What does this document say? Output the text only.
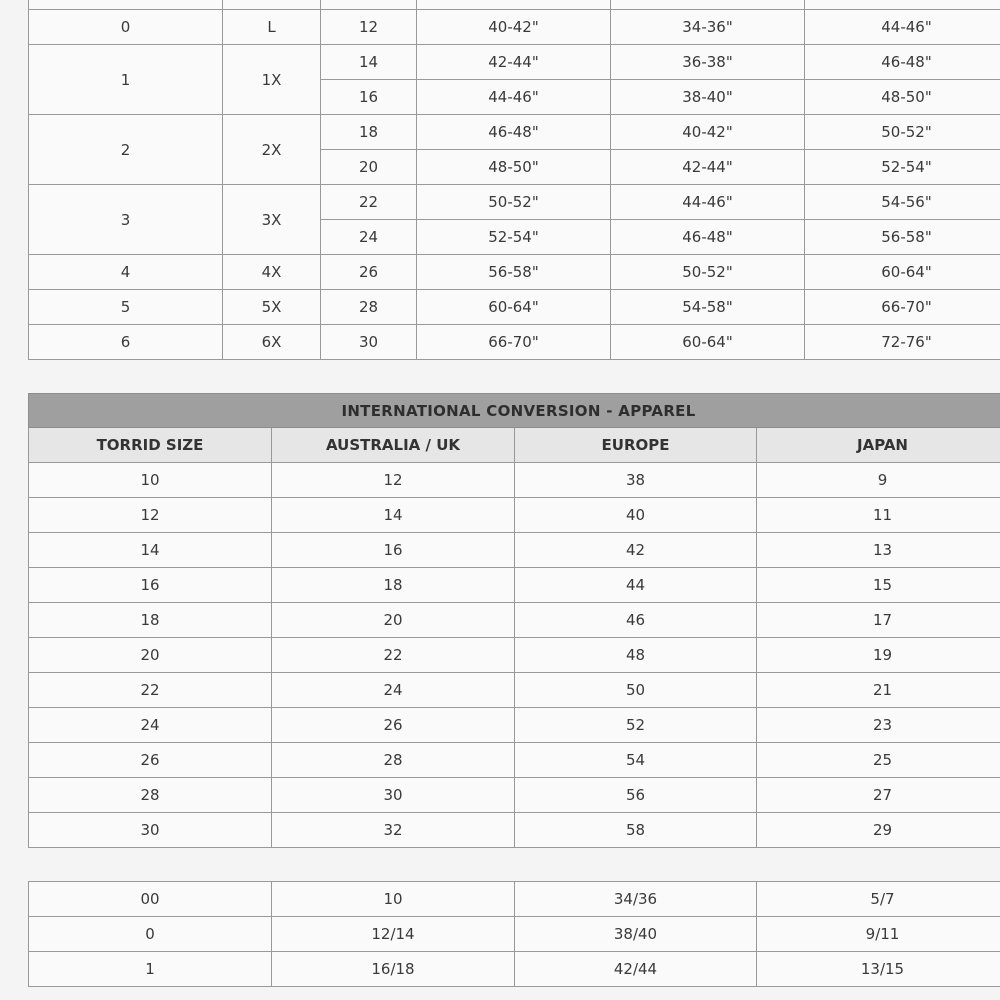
0	L	12	40-42"	34-36"	44-46"
1	1X	14	42-44"	36-38"	46-48"
		16	44-46"	38-40"	48-50"
2	2X	18	46-48"	40-42"	50-52"
		20	48-50"	42-44"	52-54"
3	3X	22	50-52"	44-46"	54-56"
		24	52-54"	46-48"	56-58"
4	4X	26	56-58"	50-52"	60-64"
5	5X	28	60-64"	54-58"	66-70"
6	6X	30	66-70"	60-64"	72-76"
INTERNATIONAL CONVERSION - APPAREL			
TORRID SIZE	AUSTRALIA / UK	EUROPE	JAPAN
10	12	38	9
12	14	40	11
14	16	42	13
16	18	44	15
18	20	46	17
20	22	48	19
22	24	50	21
24	26	52	23
26	28	54	25
28	30	56	27
30	32	58	29
00	10	34/36	5/7
0	12/14	38/40	9/11
1	16/18	42/44	13/15
